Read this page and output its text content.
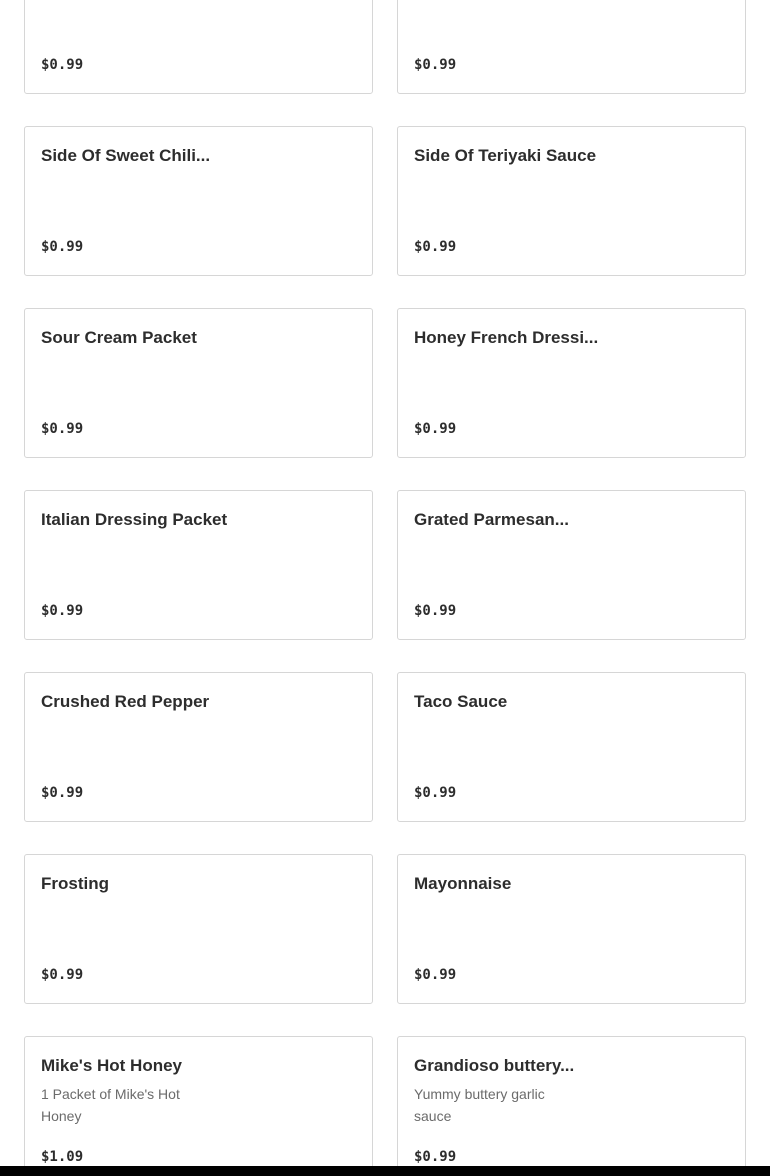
$0.99	$0.99
Side Of Sweet Chili...
$0.99
Side Of Teriyaki Sauce
$0.99
Sour Cream Packet
$0.99
Honey French Dressi...
$0.99
Italian Dressing Packet
$0.99
Grated Parmesan...
$0.99
Crushed Red Pepper
$0.99
Taco Sauce
$0.99
Frosting
$0.99
Mayonnaise
$0.99
Mike's Hot Honey
1 Packet of Mike's Hot Honey
$1.09
Grandioso buttery...
Yummy buttery garlic sauce
$0.99
